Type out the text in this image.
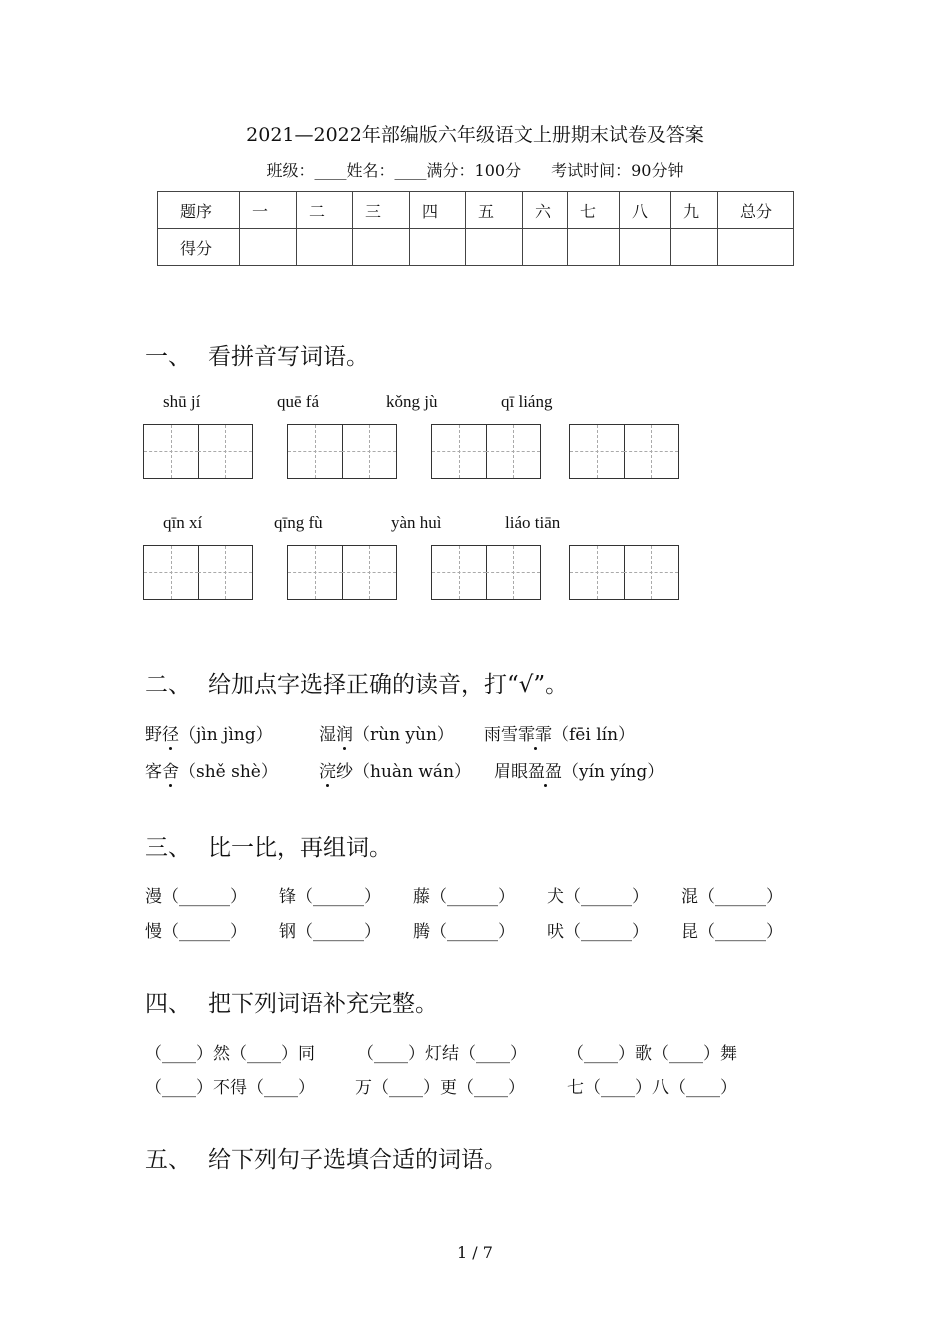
2021—2022年部编版六年级语文上册期末试卷及答案
班级：____姓名：____满分：100分 考试时间：90分钟
题序	一	二	三	四	五	六	七	八	九	总分
得分										
一、 看拼音写词语。
shū jí	quē fá	kǒng jù	qī liáng
qīn xí	qīng fù	yàn huì	liáo tiān
二、 给加点字选择正确的读音，打“√”。
野径（jìn jìng）	湿润（rùn yùn） 雨雪霏霏（fēi lín）
客舍（shě shè） 浣纱（huàn wán） 眉眼盈盈（yín yíng）
三、 比一比，再组词。
漫（______） 锋（______） 藤（______） 犬（______） 混（______）
慢（______） 钢（______） 腾（______） 吠（______） 昆（______）
四、 把下列词语补充完整。
（____）然（____）同 （____）灯结（____） （____）歌（____）舞
（____）不得（____） 万（____）更（____） 七（____）八（____）
五、 给下列句子选填合适的词语。
1 / 7
